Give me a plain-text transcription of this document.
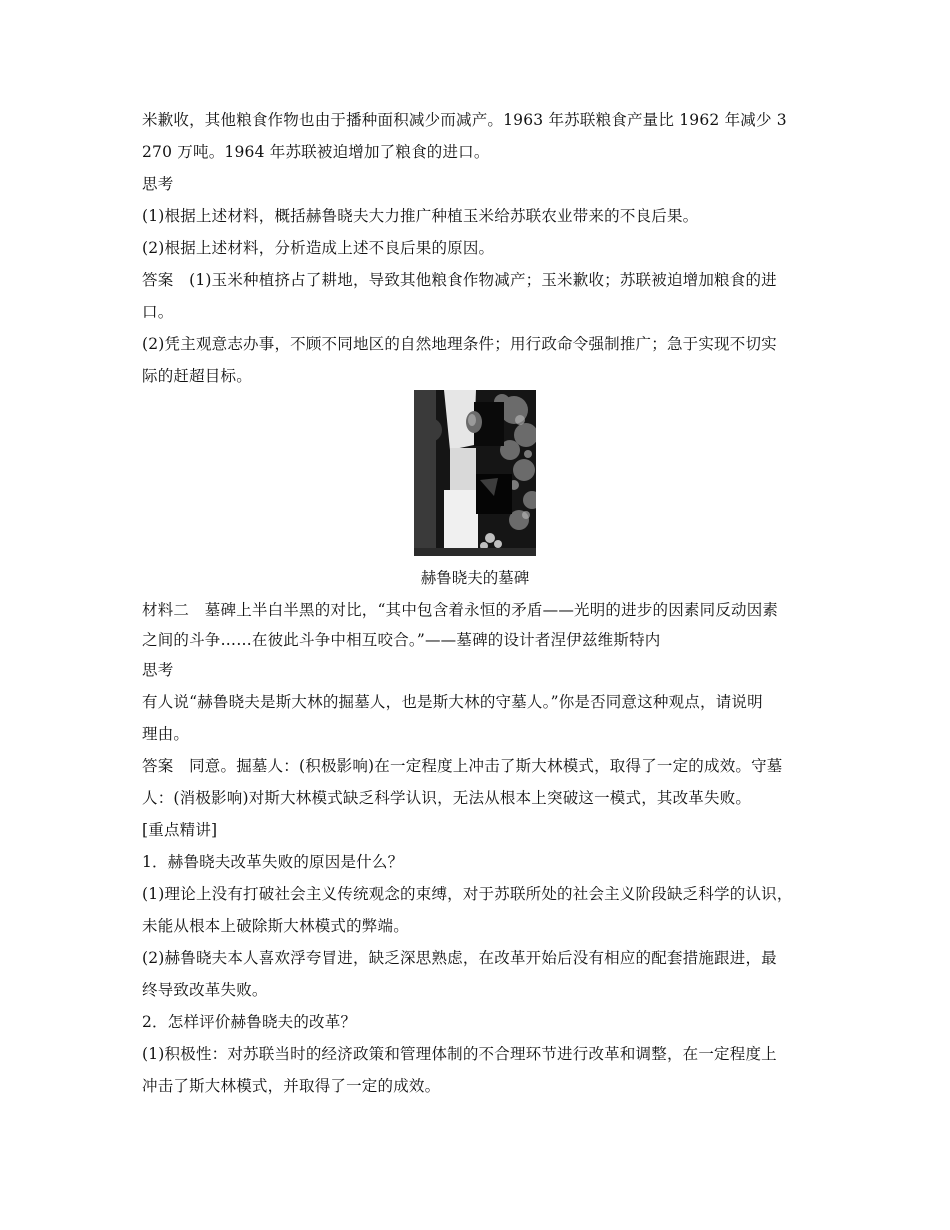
米歉收，其他粮食作物也由于播种面积减少而减产。1963 年苏联粮食产量比 1962 年减少 3
270 万吨。1964 年苏联被迫增加了粮食的进口。
思考
(1)根据上述材料，概括赫鲁晓夫大力推广种植玉米给苏联农业带来的不良后果。
(2)根据上述材料，分析造成上述不良后果的原因。
答案　(1)玉米种植挤占了耕地，导致其他粮食作物减产；玉米歉收；苏联被迫增加粮食的进
口。
(2)凭主观意志办事，不顾不同地区的自然地理条件；用行政命令强制推广；急于实现不切实
际的赶超目标。
赫鲁晓夫的墓碑
材料二　墓碑上半白半黑的对比，“其中包含着永恒的矛盾——光明的进步的因素同反动因素
之间的斗争……在彼此斗争中相互咬合。”——墓碑的设计者涅伊兹维斯特内
思考
有人说“赫鲁晓夫是斯大林的掘墓人，也是斯大林的守墓人。”你是否同意这种观点，请说明
理由。
答案　同意。掘墓人：(积极影响)在一定程度上冲击了斯大林模式，取得了一定的成效。守墓
人：(消极影响)对斯大林模式缺乏科学认识，无法从根本上突破这一模式，其改革失败。
[重点精讲]
1．赫鲁晓夫改革失败的原因是什么？
(1)理论上没有打破社会主义传统观念的束缚，对于苏联所处的社会主义阶段缺乏科学的认识，
未能从根本上破除斯大林模式的弊端。
(2)赫鲁晓夫本人喜欢浮夸冒进，缺乏深思熟虑，在改革开始后没有相应的配套措施跟进，最
终导致改革失败。
2．怎样评价赫鲁晓夫的改革？
(1)积极性：对苏联当时的经济政策和管理体制的不合理环节进行改革和调整，在一定程度上
冲击了斯大林模式，并取得了一定的成效。
